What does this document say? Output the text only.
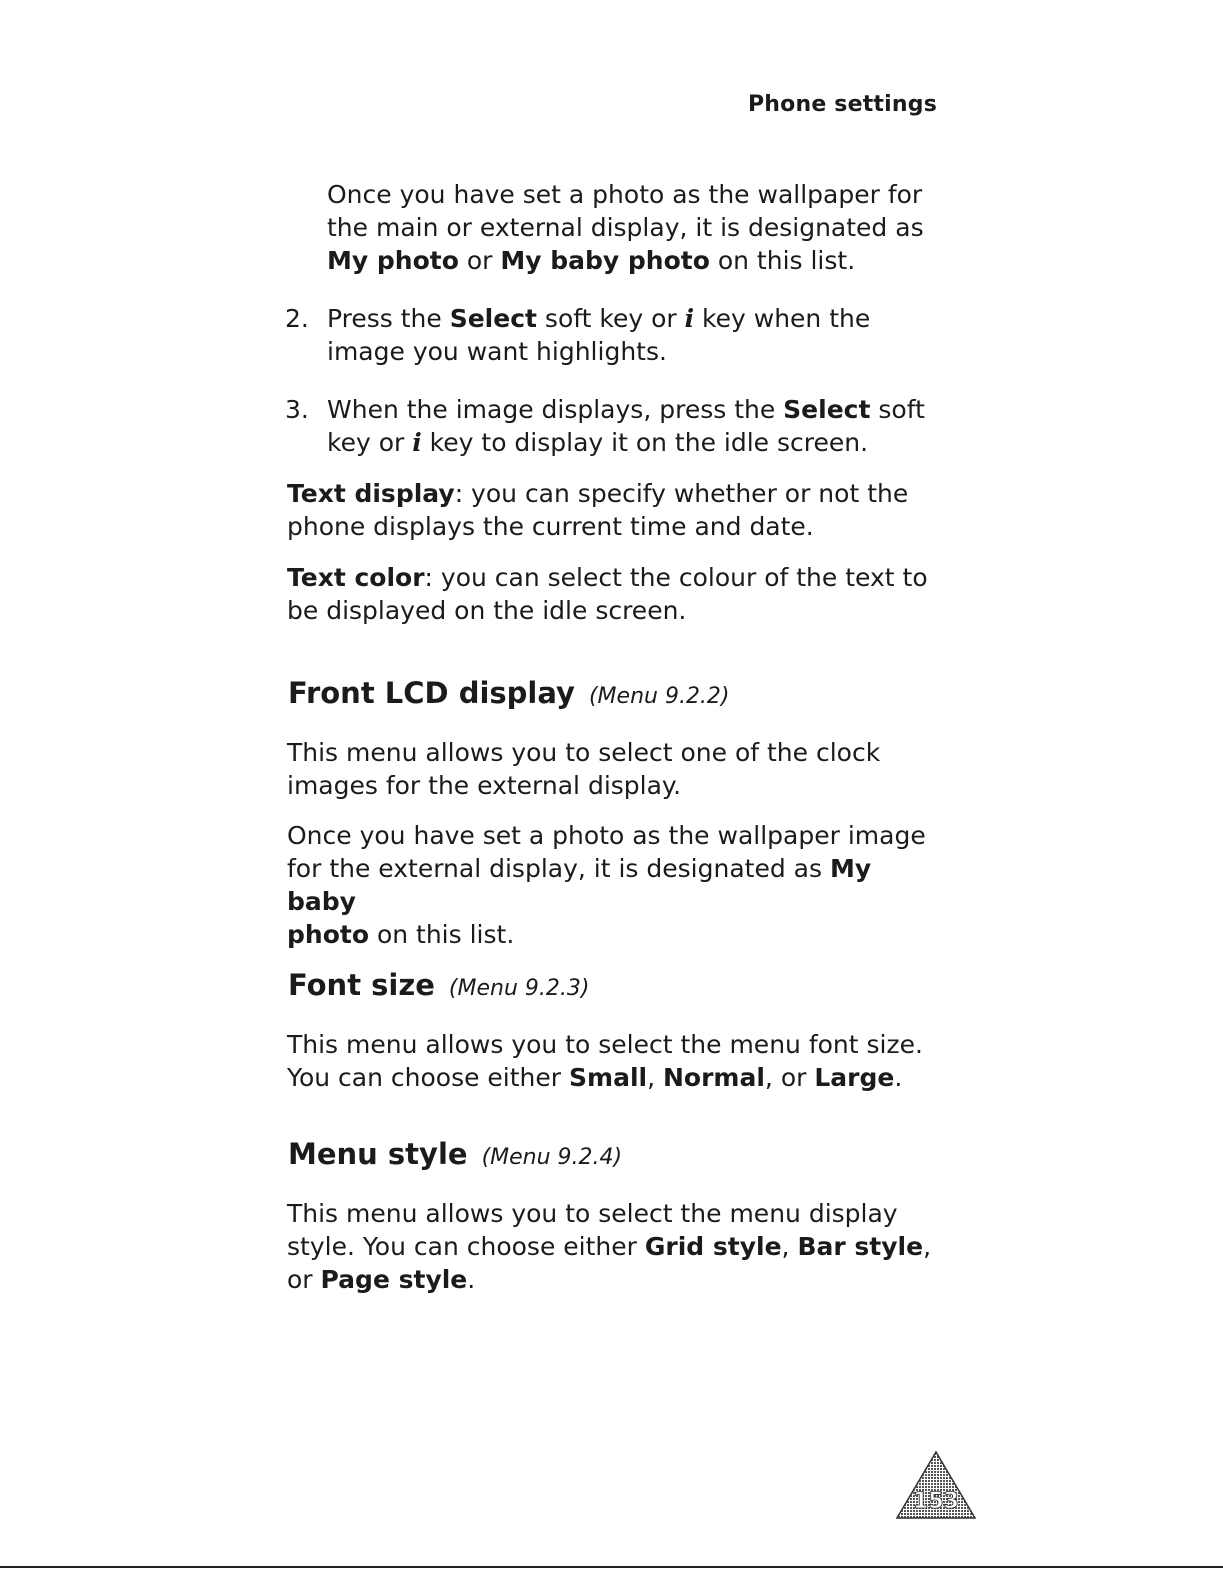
Phone settings

Once you have set a photo as the wallpaper for
the main or external display, it is designated as
My photo or My baby photo on this list.

2. Press the Select soft key or i key when the
image you want highlights.

3. When the image displays, press the Select soft
key or i key to display it on the idle screen.

Text display: you can specify whether or not the
phone displays the current time and date.

Text color: you can select the colour of the text to
be displayed on the idle screen.

Front LCD display (Menu 9.2.2)

This menu allows you to select one of the clock
images for the external display.

Once you have set a photo as the wallpaper image
for the external display, it is designated as My baby
photo on this list.

Font size (Menu 9.2.3)

This menu allows you to select the menu font size.
You can choose either Small, Normal, or Large.

Menu style (Menu 9.2.4)

This menu allows you to select the menu display
style. You can choose either Grid style, Bar style,
or Page style.

153
